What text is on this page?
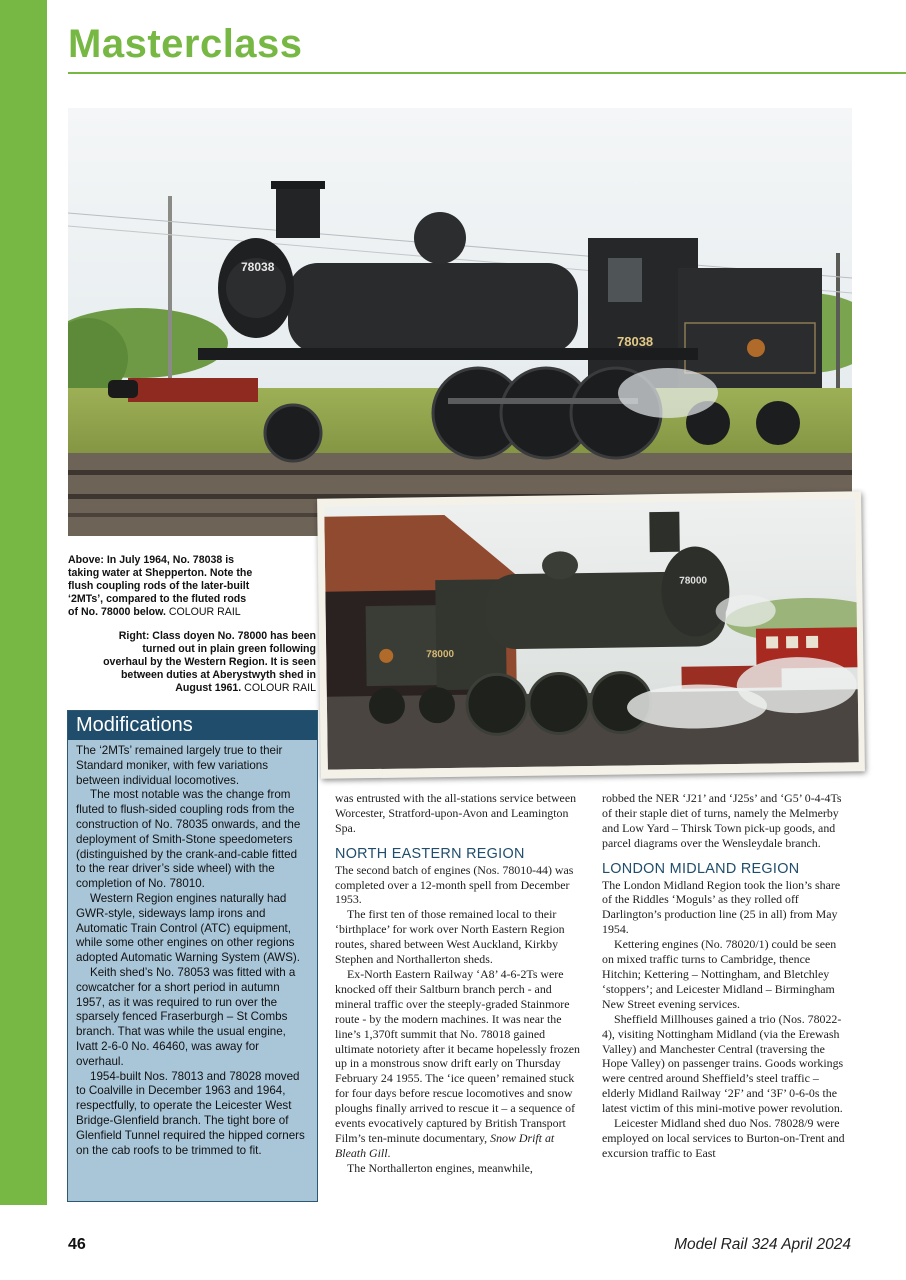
Masterclass
78038
78038
78000
78000
Above: In July 1964, No. 78038 is taking water at Shepperton. Note the flush coupling rods of the later-built ‘2MTs’, compared to the fluted rods of No. 78000 below. COLOUR RAIL
Right: Class doyen No. 78000 has been turned out in plain green following overhaul by the Western Region. It is seen between duties at Aberystwyth shed in August 1961. COLOUR RAIL
Modifications

The ‘2MTs’ remained largely true to their Standard moniker, with few variations between individual locomotives.

The most notable was the change from fluted to flush-sided coupling rods from the construction of No. 78035 onwards, and the deployment of Smith-Stone speedometers (distinguished by the crank-and-cable fitted to the rear driver’s side wheel) with the completion of No. 78010.

Western Region engines naturally had GWR-style, sideways lamp irons and Automatic Train Control (ATC) equipment, while some other engines on other regions adopted Automatic Warning System (AWS).

Keith shed’s No. 78053 was fitted with a cowcatcher for a short period in autumn 1957, as it was required to run over the sparsely fenced Fraserburgh – St Combs branch. That was while the usual engine, Ivatt 2-6-0 No. 46460, was away for overhaul.

1954-built Nos. 78013 and 78028 moved to Coalville in December 1963 and 1964, respectfully, to operate the Leicester West Bridge-Glenfield branch. The tight bore of Glenfield Tunnel required the hipped corners on the cab roofs to be trimmed to fit.

was entrusted with the all-stations service between Worcester, Stratford-upon-Avon and Leamington Spa.

NORTH EASTERN REGION

The second batch of engines (Nos. 78010-44) was completed over a 12-month spell from December 1953.

The first ten of those remained local to their ‘birthplace’ for work over North Eastern Region routes, shared between West Auckland, Kirkby Stephen and Northallerton sheds.

Ex-North Eastern Railway ‘A8’ 4-6-2Ts were knocked off their Saltburn branch perch - and mineral traffic over the steeply-graded Stainmore route - by the modern machines. It was near the line’s 1,370ft summit that No. 78018 gained ultimate notoriety after it became hopelessly frozen up in a monstrous snow drift early on Thursday February 24 1955. The ‘ice queen’ remained stuck for four days before rescue locomotives and snow ploughs finally arrived to rescue it – a sequence of events evocatively captured by British Transport Film’s ten-minute documentary, Snow Drift at Bleath Gill.

The Northallerton engines, meanwhile,

robbed the NER ‘J21’ and ‘J25s’ and ‘G5’ 0-4-4Ts of their staple diet of turns, namely the Melmerby and Low Yard – Thirsk Town pick-up goods, and parcel diagrams over the Wensleydale branch.

LONDON MIDLAND REGION

The London Midland Region took the lion’s share of the Riddles ‘Moguls’ as they rolled off Darlington’s production line (25 in all) from May 1954.

Kettering engines (No. 78020/1) could be seen on mixed traffic turns to Cambridge, thence Hitchin; Kettering – Nottingham, and Bletchley ‘stoppers’; and Leicester Midland – Birmingham New Street evening services.

Sheffield Millhouses gained a trio (Nos. 78022-4), visiting Nottingham Midland (via the Erewash Valley) and Manchester Central (traversing the Hope Valley) on passenger trains. Goods workings were centred around Sheffield’s steel traffic – elderly Midland Railway ‘2F’ and ‘3F’ 0-6-0s the latest victim of this mini-motive power revolution.

Leicester Midland shed duo Nos. 78028/9 were employed on local services to Burton-on-Trent and excursion traffic to East

46	Model Rail 324 April 2024
